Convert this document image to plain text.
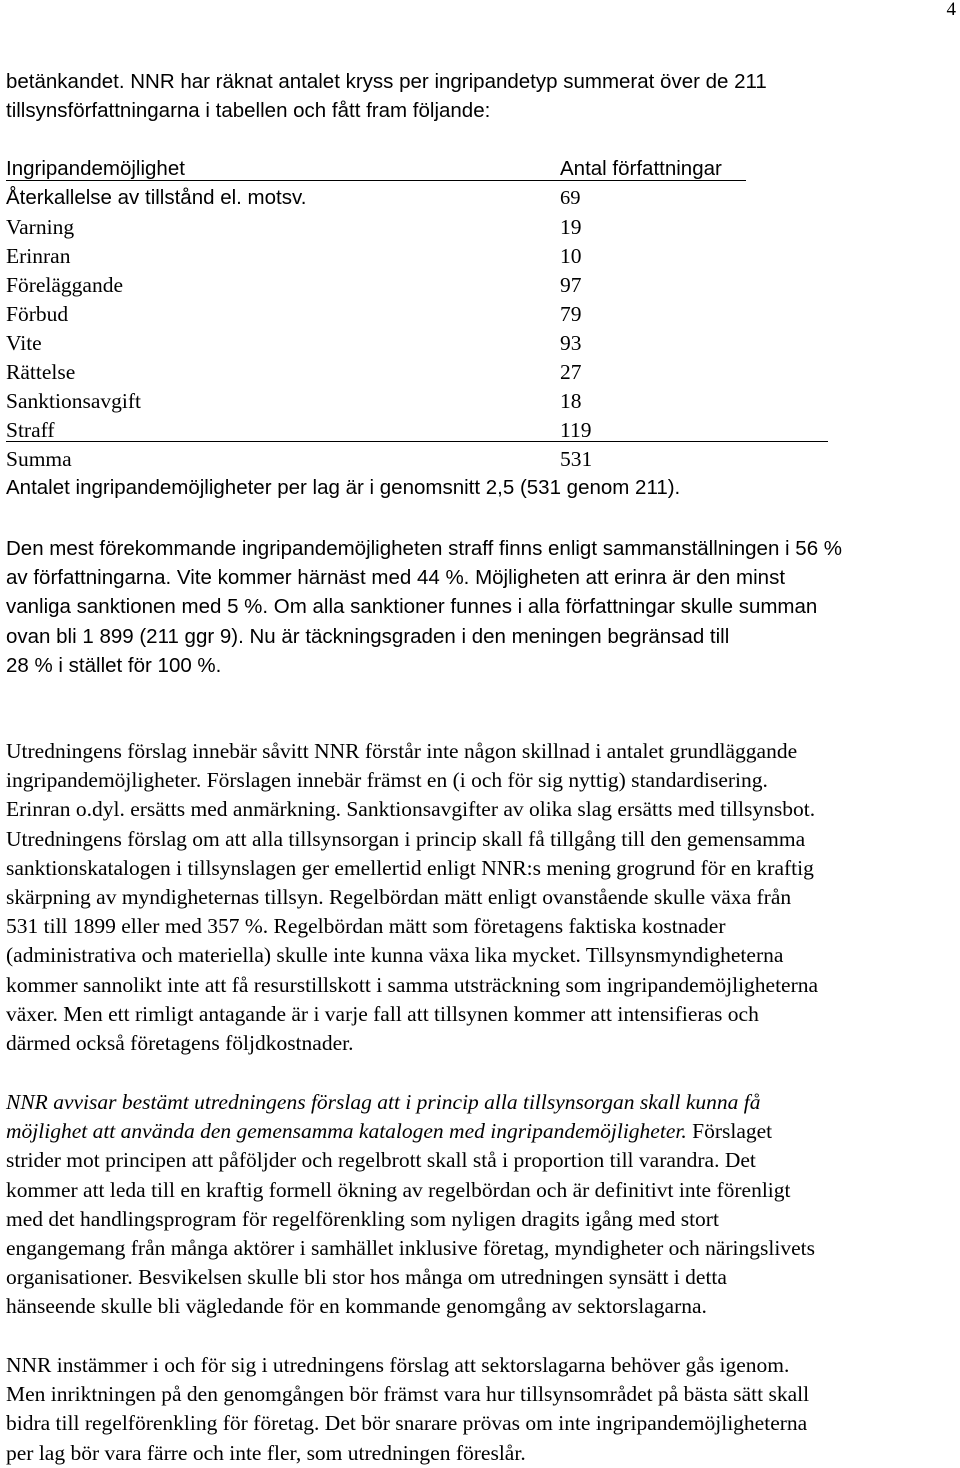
4
betänkandet. NNR har räknat antalet kryss per ingripandetyp summerat över de 211
tillsynsförfattningarna i tabellen och fått fram följande:
Ingripandemöjlighet	Antal författningar
Återkallelse av tillstånd el. motsv.	69
Varning	19
Erinran	10
Föreläggande	97
Förbud	79
Vite	93
Rättelse	27
Sanktionsavgift	18
Straff	119
Summa	531
Antalet ingripandemöjligheter per lag är i genomsnitt 2,5 (531 genom 211).
Den mest förekommande ingripandemöjligheten straff finns enligt sammanställningen i 56 %
av författningarna. Vite kommer härnäst med 44 %. Möjligheten att erinra är den minst
vanliga sanktionen med 5 %. Om alla sanktioner funnes i alla författningar skulle summan
ovan bli 1 899 (211 ggr 9). Nu är täckningsgraden i den meningen begränsad till
28 % i stället för 100 %.
Utredningens förslag innebär såvitt NNR förstår inte någon skillnad i antalet grundläggande
ingripandemöjligheter. Förslagen innebär främst en (i och för sig nyttig) standardisering.
Erinran o.dyl. ersätts med anmärkning. Sanktionsavgifter av olika slag ersätts med tillsynsbot.
Utredningens förslag om att alla tillsynsorgan i princip skall få tillgång till den gemensamma
sanktionskatalogen i tillsynslagen ger emellertid enligt NNR:s mening grogrund för en kraftig
skärpning av myndigheternas tillsyn. Regelbördan mätt enligt ovanstående skulle växa från
531 till 1899 eller med 357 %. Regelbördan mätt som företagens faktiska kostnader
(administrativa och materiella) skulle inte kunna växa lika mycket. Tillsynsmyndigheterna
kommer sannolikt inte att få resurstillskott i samma utsträckning som ingripandemöjligheterna
växer. Men ett rimligt antagande är i varje fall att tillsynen kommer att intensifieras och
därmed också företagens följdkostnader.
NNR avvisar bestämt utredningens förslag att i princip alla tillsynsorgan skall kunna få
möjlighet att använda den gemensamma katalogen med ingripandemöjligheter. Förslaget
strider mot principen att påföljder och regelbrott skall stå i proportion till varandra. Det
kommer att leda till en kraftig formell ökning av regelbördan och är definitivt inte förenligt
med det handlingsprogram för regelförenkling som nyligen dragits igång med stort
engangemang från många aktörer i samhället inklusive företag, myndigheter och näringslivets
organisationer. Besvikelsen skulle bli stor hos många om utredningen synsätt i detta
hänseende skulle bli vägledande för en kommande genomgång av sektorslagarna.
NNR instämmer i och för sig i utredningens förslag att sektorslagarna behöver gås igenom.
Men inriktningen på den genomgången bör främst vara hur tillsynsområdet på bästa sätt skall
bidra till regelförenkling för företag. Det bör snarare prövas om inte ingripandemöjligheterna
per lag bör vara färre och inte fler, som utredningen föreslår.
